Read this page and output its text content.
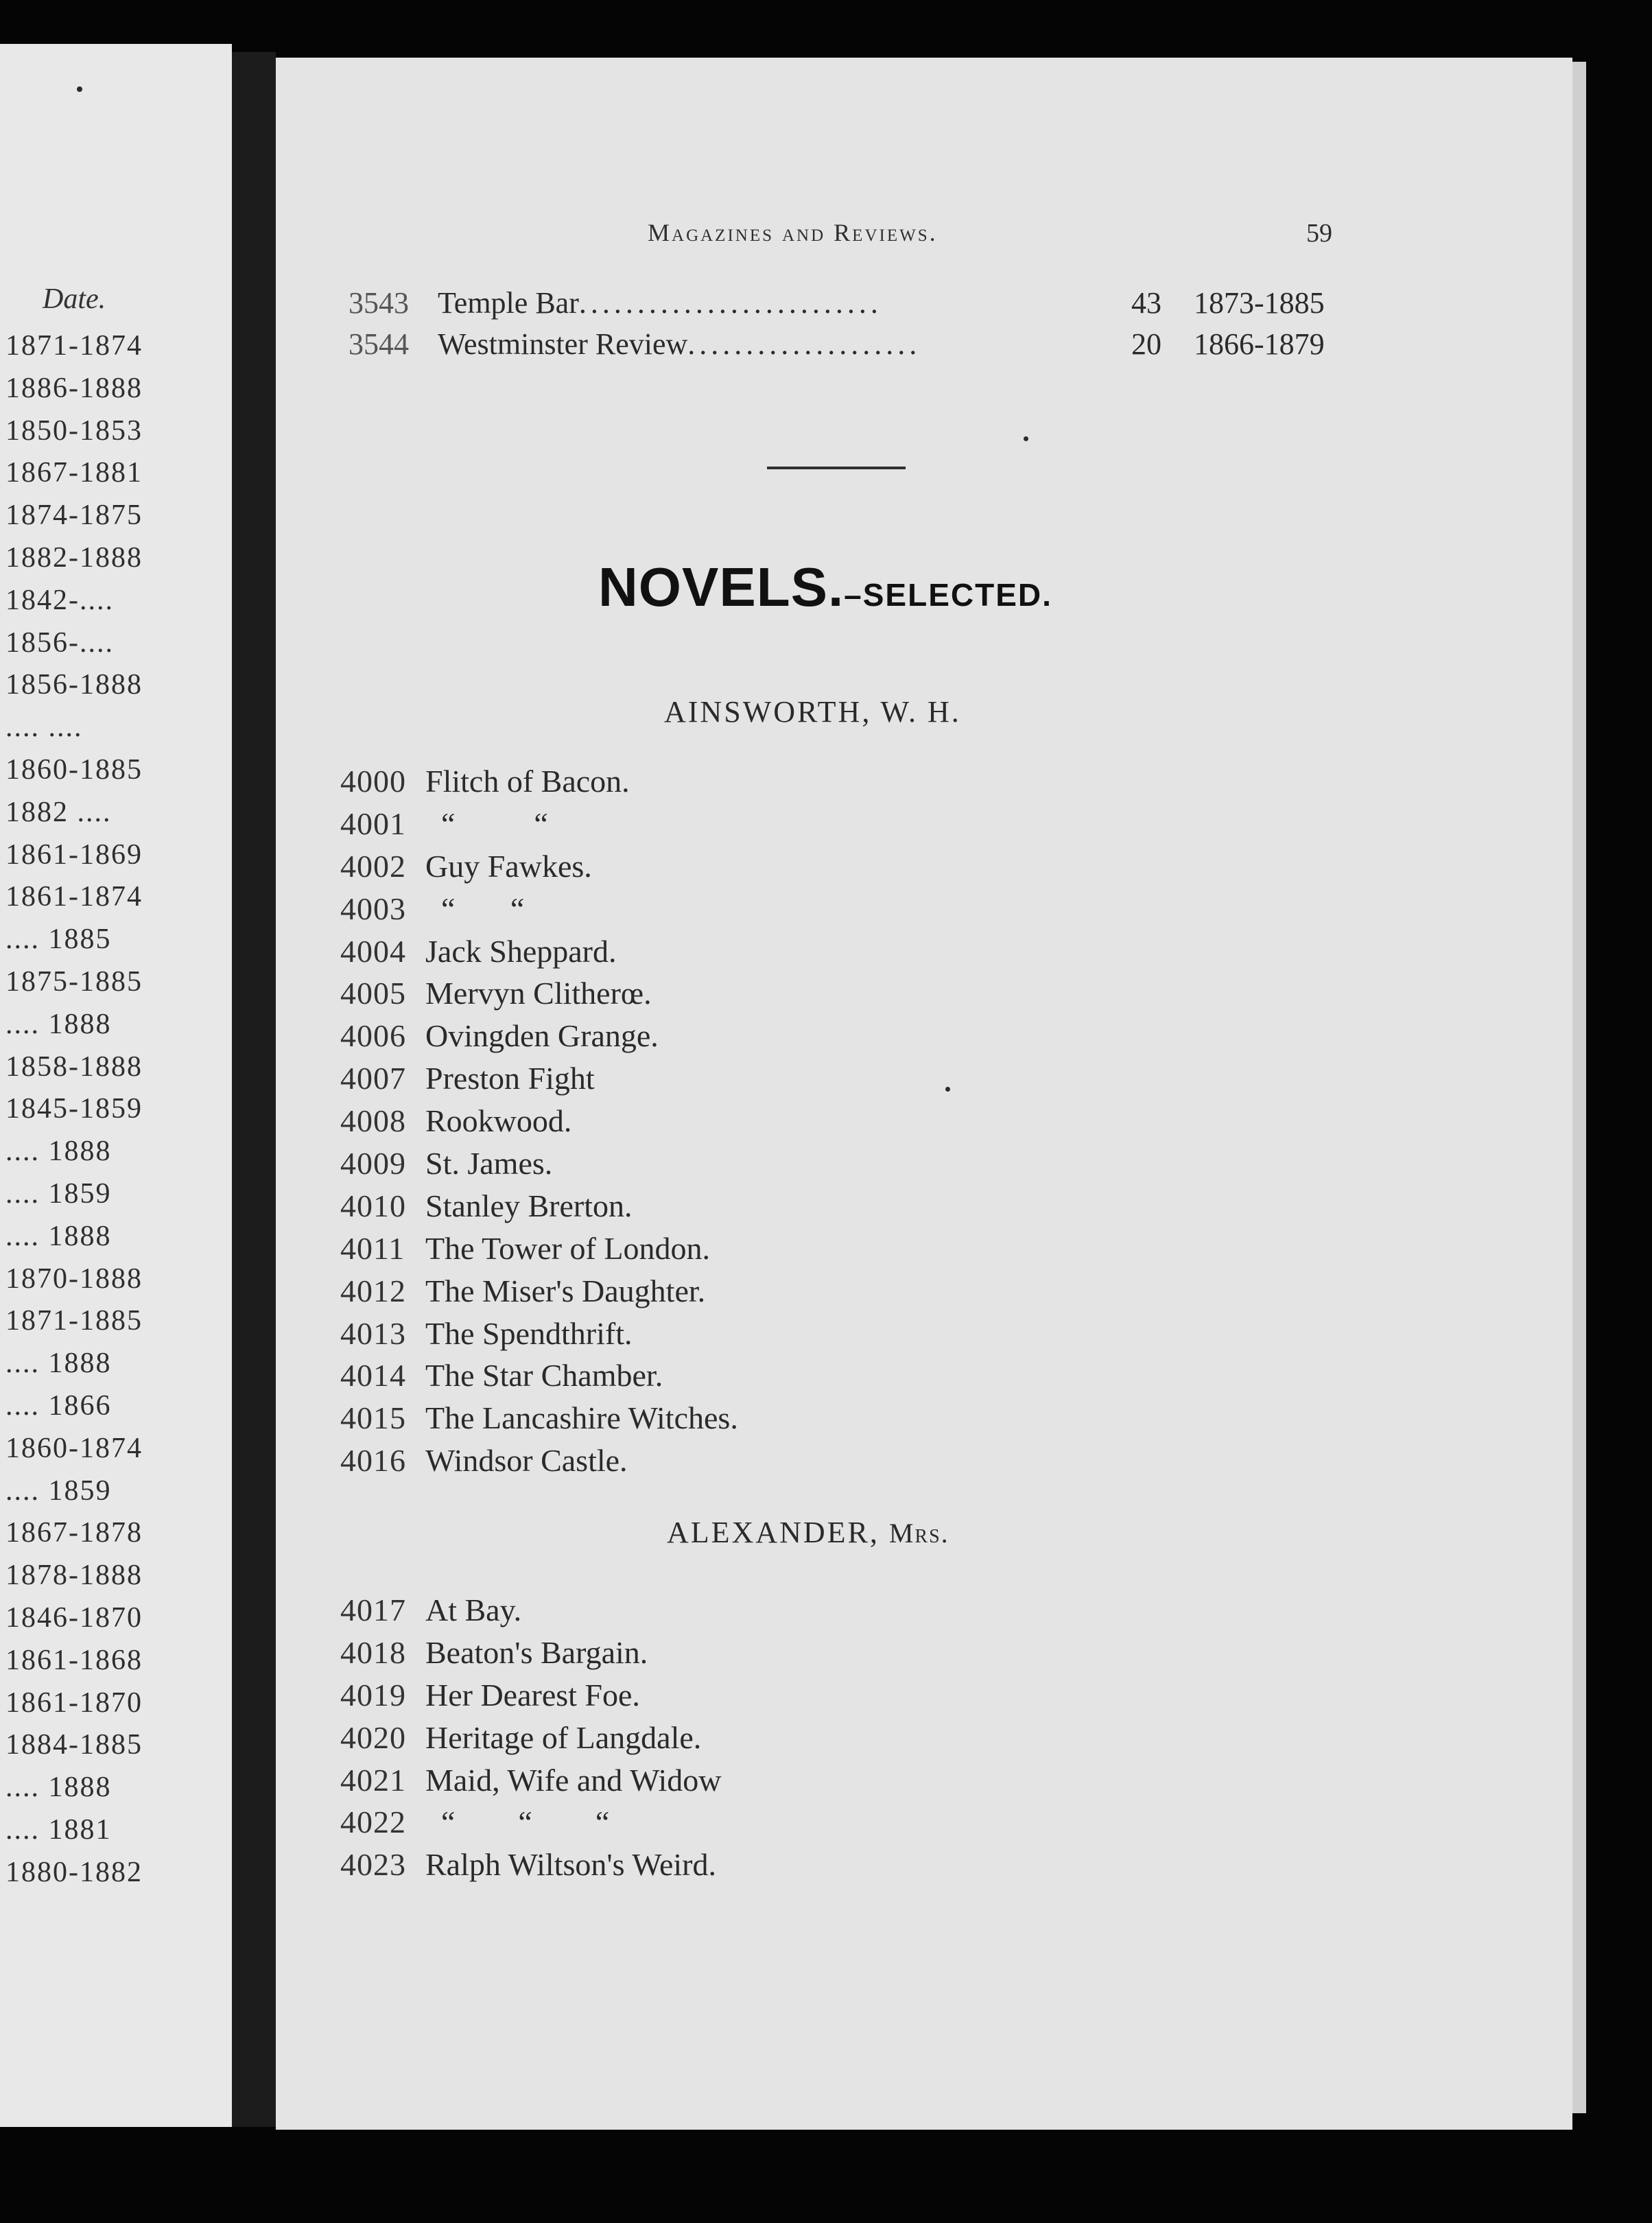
Date.
1871-1874
1886-1888
1850-1853
1867-1881
1874-1875
1882-1888
1842-....
1856-....
1856-1888
.... ....
1860-1885
1882 ....
1861-1869
1861-1874
.... 1885
1875-1885
.... 1888
1858-1888
1845-1859
.... 1888
.... 1859
.... 1888
1870-1888
1871-1885
.... 1888
.... 1866
1860-1874
.... 1859
1867-1878
1878-1888
1846-1870
1861-1868
1861-1870
1884-1885
.... 1888
.... 1881
1880-1882
Magazines and Reviews.	59
3543 Temple Bar..........................	43	1873-1885
3544 Westminster Review....................	20	1866-1879
NOVELS.–SELECTED.
AINSWORTH, W. H.
4000 Flitch of Bacon.
4001 “          “
4002 Guy Fawkes.
4003 “       “
4004 Jack Sheppard.
4005 Mervyn Clitherœ.
4006 Ovingden Grange.
4007 Preston Fight
4008 Rookwood.
4009 St. James.
4010 Stanley Brerton.
4011 The Tower of London.
4012 The Miser's Daughter.
4013 The Spendthrift.
4014 The Star Chamber.
4015 The Lancashire Witches.
4016 Windsor Castle.
ALEXANDER, Mrs.
4017 At Bay.
4018 Beaton's Bargain.
4019 Her Dearest Foe.
4020 Heritage of Langdale.
4021 Maid, Wife and Widow
4022 “        “        “
4023 Ralph Wiltson's Weird.
